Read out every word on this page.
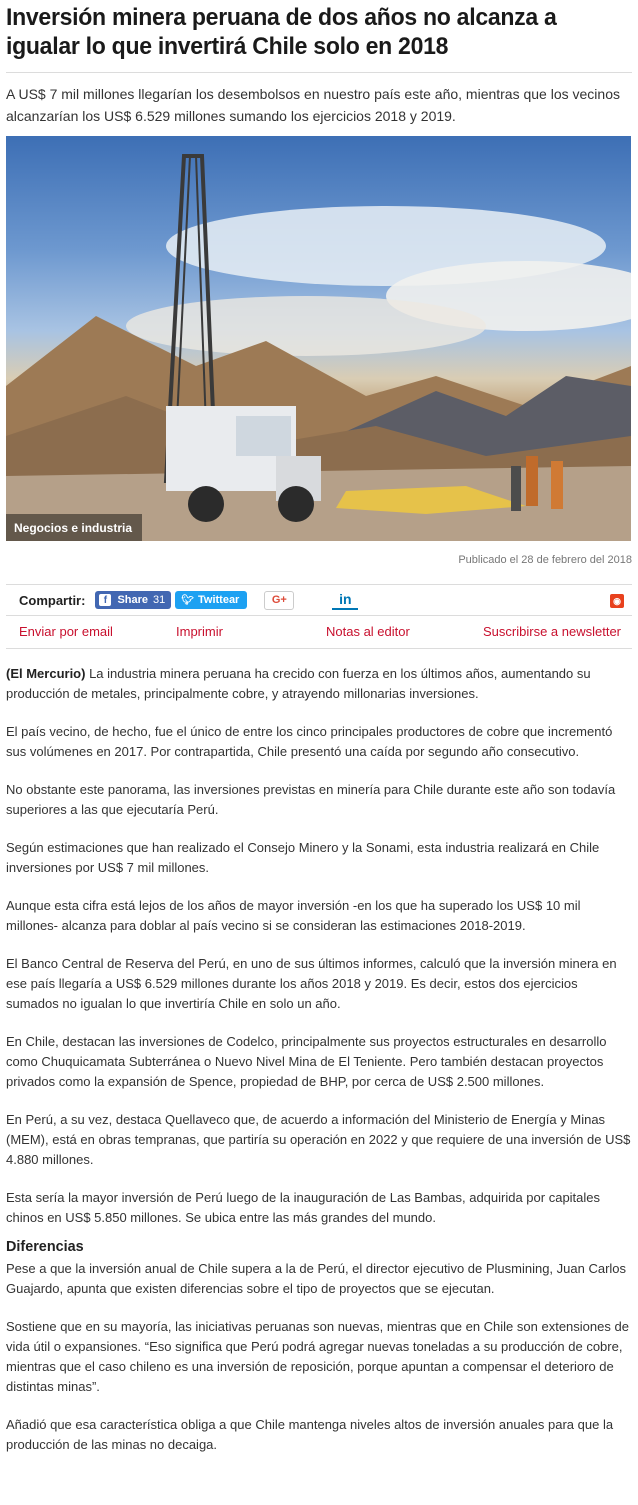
Inversión minera peruana de dos años no alcanza a igualar lo que invertirá Chile solo en 2018

A US$ 7 mil millones llegarían los desembolsos en nuestro país este año, mientras que los vecinos alcanzarían los US$ 6.529 millones sumando los ejercicios 2018 y 2019.

Negocios e industria
Publicado el 28 de febrero del 2018
Compartir:	f Share 31 🐦︎ Twittear	G+	in	◉
Enviar por email	Imprimir	Notas al editor	Suscribirse a newsletter

(El Mercurio) La industria minera peruana ha crecido con fuerza en los últimos años, aumentando su producción de metales, principalmente cobre, y atrayendo millonarias inversiones.

El país vecino, de hecho, fue el único de entre los cinco principales productores de cobre que incrementó sus volúmenes en 2017. Por contrapartida, Chile presentó una caída por segundo año consecutivo.

No obstante este panorama, las inversiones previstas en minería para Chile durante este año son todavía superiores a las que ejecutaría Perú.

Según estimaciones que han realizado el Consejo Minero y la Sonami, esta industria realizará en Chile inversiones por US$ 7 mil millones.

Aunque esta cifra está lejos de los años de mayor inversión -en los que ha superado los US$ 10 mil millones- alcanza para doblar al país vecino si se consideran las estimaciones 2018-2019.

El Banco Central de Reserva del Perú, en uno de sus últimos informes, calculó que la inversión minera en ese país llegaría a US$ 6.529 millones durante los años 2018 y 2019. Es decir, estos dos ejercicios sumados no igualan lo que invertiría Chile en solo un año.

En Chile, destacan las inversiones de Codelco, principalmente sus proyectos estructurales en desarrollo como Chuquicamata Subterránea o Nuevo Nivel Mina de El Teniente. Pero también destacan proyectos privados como la expansión de Spence, propiedad de BHP, por cerca de US$ 2.500 millones.

En Perú, a su vez, destaca Quellaveco que, de acuerdo a información del Ministerio de Energía y Minas (MEM), está en obras tempranas, que partiría su operación en 2022 y que requiere de una inversión de US$ 4.880 millones.

Esta sería la mayor inversión de Perú luego de la inauguración de Las Bambas, adquirida por capitales chinos en US$ 5.850 millones. Se ubica entre las más grandes del mundo.

Diferencias

Pese a que la inversión anual de Chile supera a la de Perú, el director ejecutivo de Plusmining, Juan Carlos Guajardo, apunta que existen diferencias sobre el tipo de proyectos que se ejecutan.

Sostiene que en su mayoría, las iniciativas peruanas son nuevas, mientras que en Chile son extensiones de vida útil o expansiones. “Eso significa que Perú podrá agregar nuevas toneladas a su producción de cobre, mientras que el caso chileno es una inversión de reposición, porque apuntan a compensar el deterioro de distintas minas”.

Añadió que esa característica obliga a que Chile mantenga niveles altos de inversión anuales para que la producción de las minas no decaiga.
